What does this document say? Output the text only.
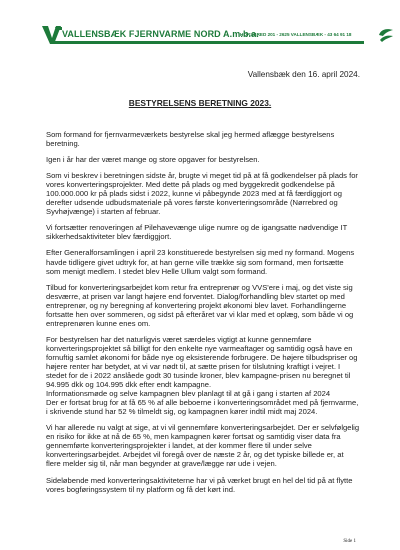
VALLENSBÆK FJERNVARME NORD A.m.b.a.
HORSBRED 201 - 2625 VALLENSBÆK - 43 64 91 18
Vallensbæk den 16. april 2024.
BESTYRELSENS BERETNING 2023.

Som formand for fjernvarmeværkets bestyrelse skal jeg hermed aflægge bestyrelsens beretning.

Igen i år har der været mange og store opgaver for bestyrelsen.

Som vi beskrev i beretningen sidste år, brugte vi meget tid på at få godkendelser på plads for vores konverteringsprojekter. Med dette på plads og med byggekredit godkendelse på 100.000.000 kr på plads sidst i 2022, kunne vi påbegynde 2023 med at få færdiggjort og derefter udsende udbudsmateriale på vores første konverteringsområde (Nørrebred og Syvhøjvænge) i starten af februar.

Vi fortsætter renoveringen af Pilehavevænge ulige numre og de igangsatte nødvendige IT sikkerhedsaktiviteter blev færdiggjort.

Efter Generalforsamlingen i april 23 konstituerede bestyrelsen sig med ny formand. Mogens havde tidligere givet udtryk for, at han gerne ville trække sig som formand, men fortsætte som menigt medlem. I stedet blev Helle Ullum valgt som formand.

Tilbud for konverteringsarbejdet kom retur fra entreprenør og VVS'ere i maj, og det viste sig desværre, at prisen var langt højere end forventet. Dialog/forhandling blev startet op med entreprenør, og ny beregning af konvertering projekt økonomi blev lavet. Forhandlingerne fortsatte hen over sommeren, og sidst på efteråret var vi klar med et oplæg, som både vi og entreprenøren kunne enes om.

For bestyrelsen har det naturligvis været særdeles vigtigt at kunne gennemføre konverteringsprojektet så billigt for den enkelte nye varmeaftager og samtidig også have en fornuftig samlet økonomi for både nye og eksisterende forbrugere. De højere tilbudspriser og højere renter har betydet, at vi var nødt til, at sætte prisen for tilslutning kraftigt i vejret. I stedet for de i 2022 anslåede godt 30 tusinde kroner, blev kampagne-prisen nu beregnet til 94.995 dkk og 104.995 dkk efter endt kampagne.

Informationsmøde og selve kampagnen blev planlagt til at gå i gang i starten af 2024

Der er fortsat brug for at få 65 % af alle beboerne i konverteringsområdet med på fjernvarme, i skrivende stund har 52 % tilmeldt sig, og kampagnen kører indtil midt maj 2024.

Vi har allerede nu valgt at sige, at vi vil gennemføre konverteringsarbejdet. Der er selvfølgelig en risiko for ikke at nå de 65 %, men kampagnen kører fortsat og samtidig viser data fra gennemførte konverteringsprojekter i landet, at der kommer flere til under selve konverteringsarbejdet. Arbejdet vil foregå over de næste 2 år, og det typiske billede er, at flere melder sig til, når man begynder at grave/lægge rør ude i vejen.

Sideløbende med konverteringsaktiviteterne har vi på værket brugt en hel del tid på at flytte vores bogføringssystem til ny platform og få det kørt ind.

Side 1
